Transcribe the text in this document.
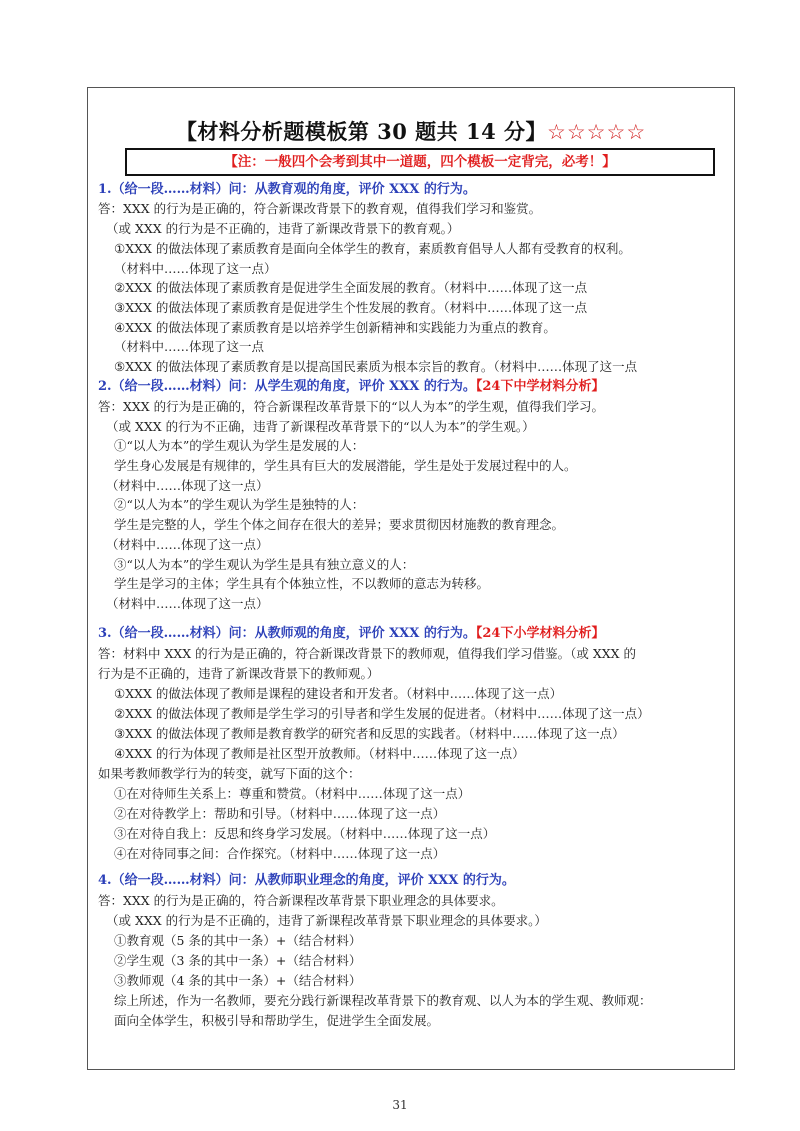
【材料分析题模板第 30 题共 14 分】☆☆☆☆☆
【注：一般四个会考到其中一道题，四个模板一定背完，必考！】
1.（给一段……材料）问：从教育观的角度，评价 XXX 的行为。
答：XXX 的行为是正确的，符合新课改背景下的教育观，值得我们学习和鉴赏。
（或 XXX 的行为是不正确的，违背了新课改背景下的教育观。）
①XXX 的做法体现了素质教育是面向全体学生的教育，素质教育倡导人人都有受教育的权利。
（材料中……体现了这一点）
②XXX 的做法体现了素质教育是促进学生全面发展的教育。（材料中……体现了这一点
③XXX 的做法体现了素质教育是促进学生个性发展的教育。（材料中……体现了这一点
④XXX 的做法体现了素质教育是以培养学生创新精神和实践能力为重点的教育。
（材料中……体现了这一点
⑤XXX 的做法体现了素质教育是以提高国民素质为根本宗旨的教育。（材料中……体现了这一点
2.（给一段……材料）问：从学生观的角度，评价 XXX 的行为。【24下中学材料分析】
答：XXX 的行为是正确的，符合新课程改革背景下的“以人为本”的学生观，值得我们学习。
（或 XXX 的行为不正确，违背了新课程改革背景下的“以人为本”的学生观。）
①“以人为本”的学生观认为学生是发展的人：
学生身心发展是有规律的，学生具有巨大的发展潜能，学生是处于发展过程中的人。
（材料中……体现了这一点）
②“以人为本”的学生观认为学生是独特的人：
学生是完整的人，学生个体之间存在很大的差异；要求贯彻因材施教的教育理念。
（材料中……体现了这一点）
③“以人为本”的学生观认为学生是具有独立意义的人：
学生是学习的主体；学生具有个体独立性，不以教师的意志为转移。
（材料中……体现了这一点）
3.（给一段……材料）问：从教师观的角度，评价 XXX 的行为。【24下小学材料分析】
答：材料中 XXX 的行为是正确的，符合新课改背景下的教师观，值得我们学习借鉴。（或 XXX 的
行为是不正确的，违背了新课改背景下的教师观。）
①XXX 的做法体现了教师是课程的建设者和开发者。（材料中……体现了这一点）
②XXX 的做法体现了教师是学生学习的引导者和学生发展的促进者。（材料中……体现了这一点）
③XXX 的做法体现了教师是教育教学的研究者和反思的实践者。（材料中……体现了这一点）
④XXX 的行为体现了教师是社区型开放教师。（材料中……体现了这一点）
如果考教师教学行为的转变，就写下面的这个：
①在对待师生关系上：尊重和赞赏。（材料中……体现了这一点）
②在对待教学上：帮助和引导。（材料中……体现了这一点）
③在对待自我上：反思和终身学习发展。（材料中……体现了这一点）
④在对待同事之间：合作探究。（材料中……体现了这一点）
4.（给一段……材料）问：从教师职业理念的角度，评价 XXX 的行为。
答：XXX 的行为是正确的，符合新课程改革背景下职业理念的具体要求。
（或 XXX 的行为是不正确的，违背了新课程改革背景下职业理念的具体要求。）
①教育观（5 条的其中一条）+（结合材料）
②学生观（3 条的其中一条）+（结合材料）
③教师观（4 条的其中一条）+（结合材料）
综上所述，作为一名教师，要充分践行新课程改革背景下的教育观、以人为本的学生观、教师观：
面向全体学生，积极引导和帮助学生，促进学生全面发展。
31
